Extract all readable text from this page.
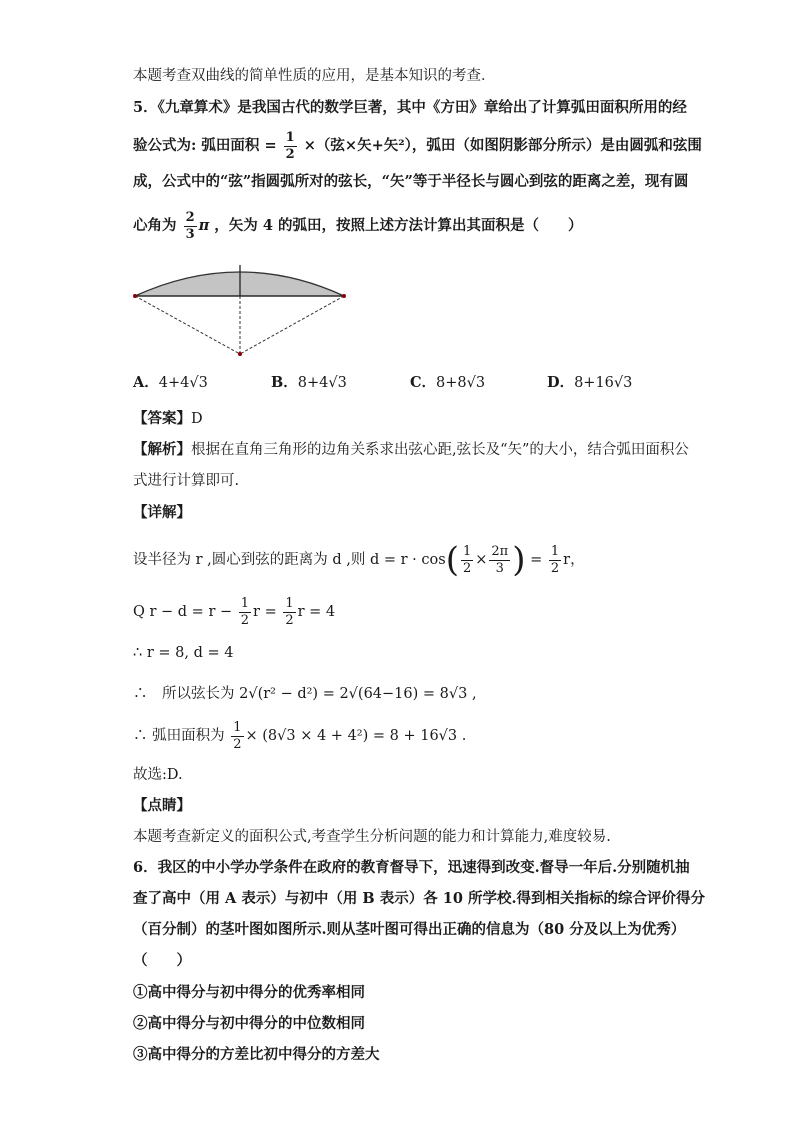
本题考查双曲线的简单性质的应用，是基本知识的考查．
5．《九章算术》是我国古代的数学巨著，其中《方田》章给出了计算弧田面积所用的经
验公式为: 弧田面积 = $\frac{1}{2}$ ×（弦×矢+矢²），弧田（如图阴影部分所示）是由圆弧和弦围
成，公式中的“弦”指圆弧所对的弦长，“矢”等于半径长与圆心到弦的距离之差，现有圆
心角为 $\frac{2}{3}$ π ，矢为 4 的弧田，按照上述方法计算出其面积是（　　）
A．4+4√3	B．8+4√3	C．8+8√3	D．8+16√3
【答案】D
【解析】根据在直角三角形的边角关系求出弦心距,弦长及“矢”的大小，结合弧田面积公
式进行计算即可.
【详解】
设半径为 r ,圆心到弦的距离为 d ,则 $d = r \cdot \cos( \frac{1}{2} \times \frac{2\pi}{3}$ ) = $\frac{1}{2}$ r，
Q $r - d = r - \frac{1}{2}$ $r = \frac{1}{2}$ r = 4
∴ r = 8, d = 4
∴　所以弦长为 2√(r² − d²) = 2√(64−16) = 8√3 ,
∴ 弧田面积为 $\frac{1}{2} \times (8√3 \times 4 + 4^2) = 8 + 16√3$ .
故选:D.
【点睛】
本题考查新定义的面积公式,考查学生分析问题的能力和计算能力,难度较易.
6．我区的中小学办学条件在政府的教育督导下，迅速得到改变.督导一年后.分别随机抽
查了高中（用 A 表示）与初中（用 B 表示）各 10 所学校.得到相关指标的综合评价得分
（百分制）的茎叶图如图所示.则从茎叶图可得出正确的信息为（80 分及以上为优秀）
（　　）
①高中得分与初中得分的优秀率相同
②高中得分与初中得分的中位数相同
③高中得分的方差比初中得分的方差大
